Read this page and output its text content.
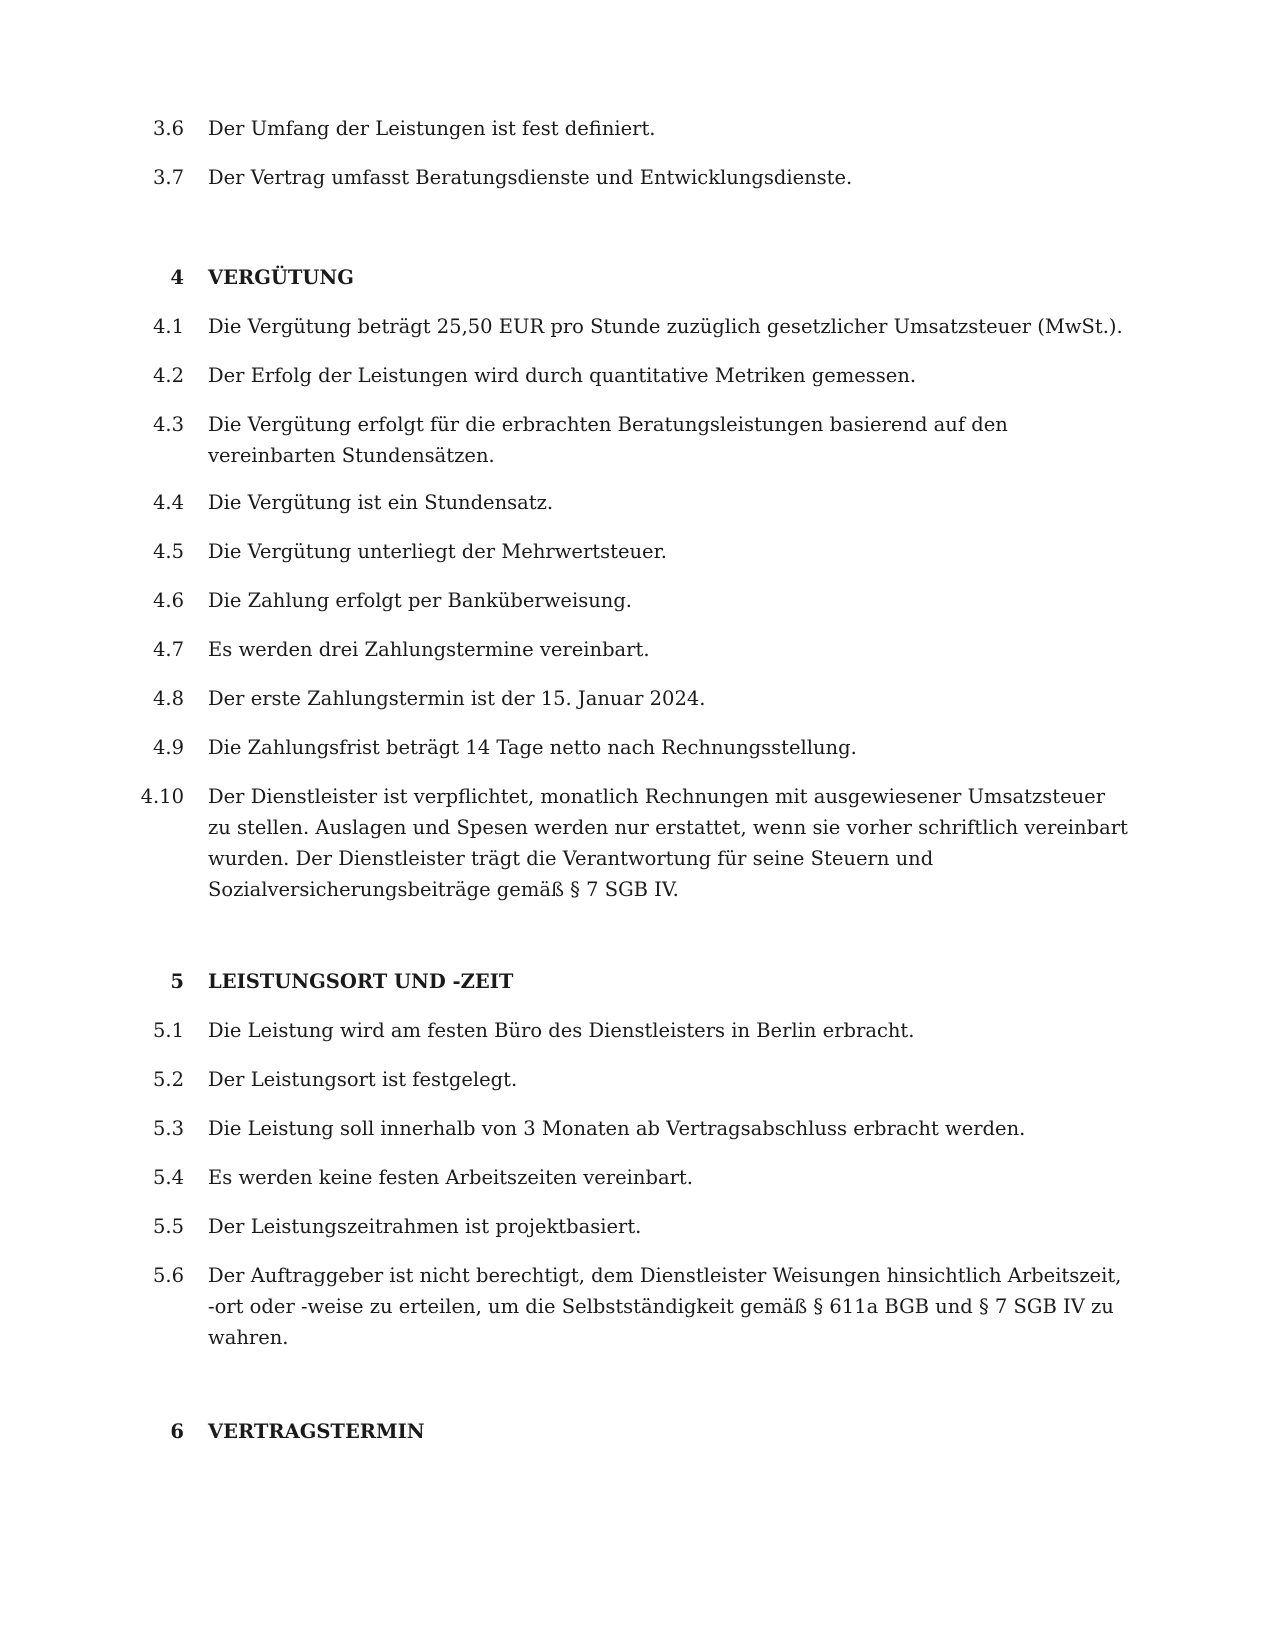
3.6 Der Umfang der Leistungen ist fest definiert.
3.7 Der Vertrag umfasst Beratungsdienste und Entwicklungsdienste.
4 VERGÜTUNG
4.1 Die Vergütung beträgt 25,50 EUR pro Stunde zuzüglich gesetzlicher Umsatzsteuer (MwSt.).
4.2 Der Erfolg der Leistungen wird durch quantitative Metriken gemessen.
4.3 Die Vergütung erfolgt für die erbrachten Beratungsleistungen basierend auf den vereinbarten Stundensätzen.
4.4 Die Vergütung ist ein Stundensatz.
4.5 Die Vergütung unterliegt der Mehrwertsteuer.
4.6 Die Zahlung erfolgt per Banküberweisung.
4.7 Es werden drei Zahlungstermine vereinbart.
4.8 Der erste Zahlungstermin ist der 15. Januar 2024.
4.9 Die Zahlungsfrist beträgt 14 Tage netto nach Rechnungsstellung.
4.10 Der Dienstleister ist verpflichtet, monatlich Rechnungen mit ausgewiesener Umsatzsteuer zu stellen. Auslagen und Spesen werden nur erstattet, wenn sie vorher schriftlich vereinbart wurden. Der Dienstleister trägt die Verantwortung für seine Steuern und Sozialversicherungsbeiträge gemäß § 7 SGB IV.
5 LEISTUNGSORT UND -ZEIT
5.1 Die Leistung wird am festen Büro des Dienstleisters in Berlin erbracht.
5.2 Der Leistungsort ist festgelegt.
5.3 Die Leistung soll innerhalb von 3 Monaten ab Vertragsabschluss erbracht werden.
5.4 Es werden keine festen Arbeitszeiten vereinbart.
5.5 Der Leistungszeitrahmen ist projektbasiert.
5.6 Der Auftraggeber ist nicht berechtigt, dem Dienstleister Weisungen hinsichtlich Arbeitszeit, -ort oder -weise zu erteilen, um die Selbstständigkeit gemäß § 611a BGB und § 7 SGB IV zu wahren.
6 VERTRAGSTERMIN
